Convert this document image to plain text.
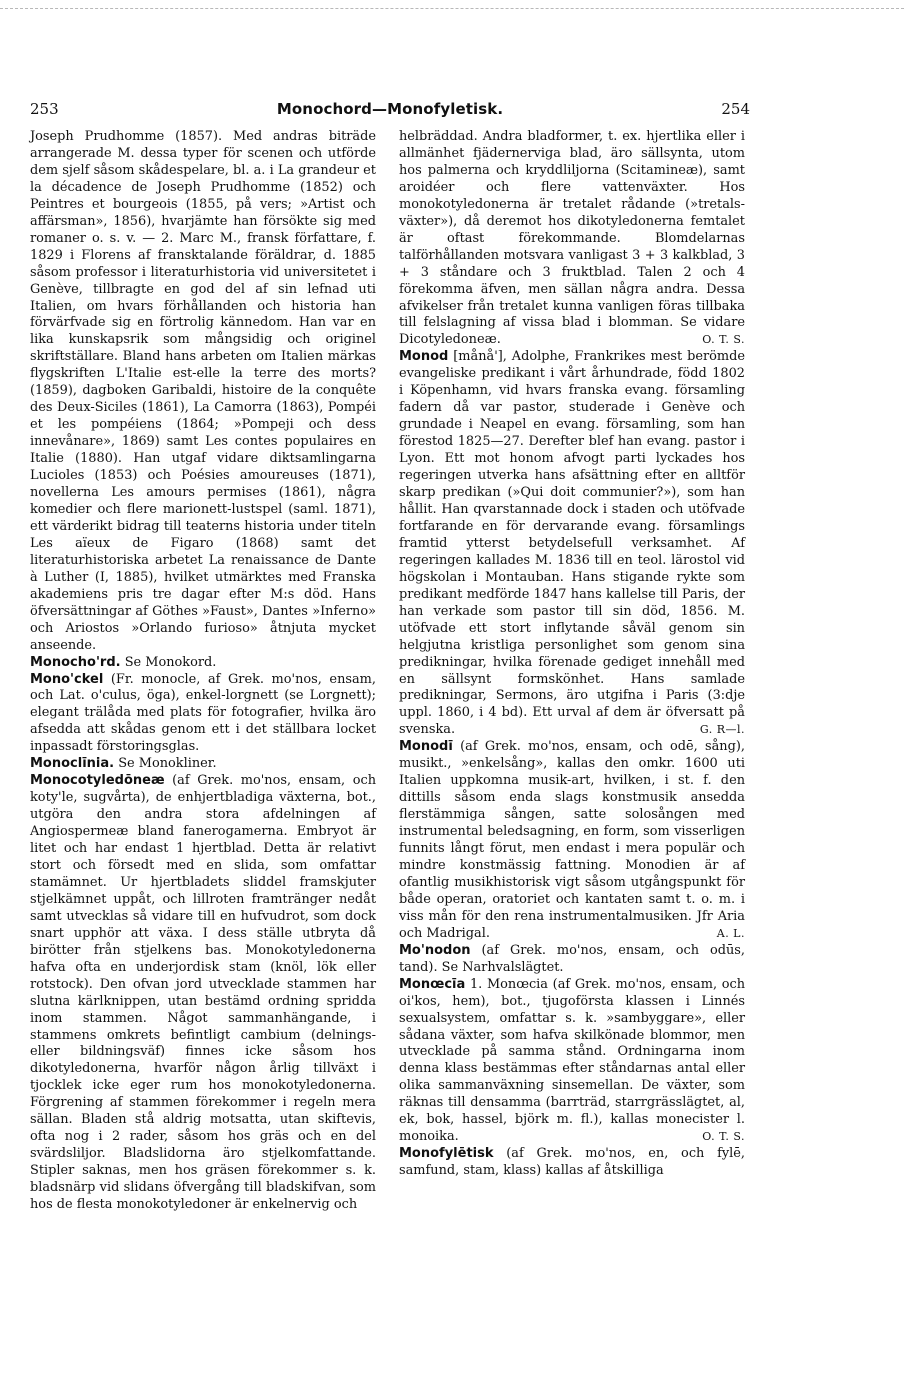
253	Monochord—Monofyletisk.	254

Joseph Prudhomme (1857). Med andras biträde arrangerade M. dessa typer för scenen och utförde dem sjelf såsom skådespelare, bl. a. i La grandeur et la décadence de Joseph Prudhomme (1852) och Peintres et bourgeois (1855, på vers; »Artist och affärsman», 1856), hvarjämte han försökte sig med romaner o. s. v. — 2. Marc M., fransk författare, f. 1829 i Florens af fransktalande föräldrar, d. 1885 såsom professor i literaturhistoria vid universitetet i Genève, tillbragte en god del af sin lefnad uti Italien, om hvars förhållanden och historia han förvärfvade sig en förtrolig kännedom. Han var en lika kunskapsrik som mångsidig och originel skriftställare. Bland hans arbeten om Italien märkas flygskriften L'Italie est-elle la terre des morts? (1859), dagboken Garibaldi, histoire de la conquête des Deux-Siciles (1861), La Camorra (1863), Pompéi et les pompéiens (1864; »Pompeji och dess innevånare», 1869) samt Les contes populaires en Italie (1880). Han utgaf vidare diktsamlingarna Lucioles (1853) och Poésies amoureuses (1871), novellerna Les amours permises (1861), några komedier och flere marionett-lustspel (saml. 1871), ett värderikt bidrag till teaterns historia under titeln Les aïeux de Figaro (1868) samt det literaturhistoriska arbetet La renaissance de Dante à Luther (I, 1885), hvilket utmärktes med Franska akademiens pris tre dagar efter M:s död. Hans öfversättningar af Göthes »Faust», Dantes »Inferno» och Ariostos »Orlando furioso» åtnjuta mycket anseende.

Monocho'rd. Se Monokord.

Mono'ckel (Fr. monocle, af Grek. mo'nos, ensam, och Lat. o'culus, öga), enkel-lorgnett (se Lorgnett); elegant trälåda med plats för fotografier, hvilka äro afsedda att skådas genom ett i det ställbara locket inpassadt förstoringsglas.

Monoclīnia. Se Monokliner.

Monocotyledōneæ (af Grek. mo'nos, ensam, och koty'le, sugvårta), de enhjertbladiga växterna, bot., utgöra den andra stora afdelningen af Angiospermeæ bland fanerogamerna. Embryot är litet och har endast 1 hjertblad. Detta är relativt stort och försedt med en slida, som omfattar stamämnet. Ur hjertbladets sliddel framskjuter stjelkämnet uppåt, och lillroten framtränger nedåt samt utvecklas så vidare till en hufvudrot, som dock snart upphör att växa. I dess ställe utbryta då birötter från stjelkens bas. Monokotyledonerna hafva ofta en underjordisk stam (knöl, lök eller rotstock). Den ofvan jord utvecklade stammen har slutna kärlknippen, utan bestämd ordning spridda inom stammen. Något sammanhängande, i stammens omkrets befintligt cambium (delnings- eller bildningsväf) finnes icke såsom hos dikotyledonerna, hvarför någon årlig tillväxt i tjocklek icke eger rum hos monokotyledonerna. Förgrening af stammen förekommer i regeln mera sällan. Bladen stå aldrig motsatta, utan skiftevis, ofta nog i 2 rader, såsom hos gräs och en del svärdsliljor. Bladslidorna äro stjelkomfattande. Stipler saknas, men hos gräsen förekommer s. k. bladsnärp vid slidans öfvergång till bladskifvan, som hos de flesta monokotyledoner är enkelnervig och

helbräddad. Andra bladformer, t. ex. hjertlika eller i allmänhet fjädernerviga blad, äro sällsynta, utom hos palmerna och kryddliljorna (Scitamineæ), samt aroidéer och flere vattenväxter. Hos monokotyledonerna är tretalet rådande (»tretals-växter»), då deremot hos dikotyledonerna femtalet är oftast förekommande. Blomdelarnas talförhållanden motsvara vanligast 3 + 3 kalkblad, 3 + 3 ståndare och 3 fruktblad. Talen 2 och 4 förekomma äfven, men sällan några andra. Dessa afvikelser från tretalet kunna vanligen föras tillbaka till felslagning af vissa blad i blomman. Se vidare Dicotyledoneæ.	O. T. S.

Monod [månå'], Adolphe, Frankrikes mest berömde evangeliske predikant i vårt århundrade, född 1802 i Köpenhamn, vid hvars franska evang. församling fadern då var pastor, studerade i Genève och grundade i Neapel en evang. församling, som han förestod 1825—27. Derefter blef han evang. pastor i Lyon. Ett mot honom afvogt parti lyckades hos regeringen utverka hans afsättning efter en alltför skarp predikan (»Qui doit communier?»), som han hållit. Han qvarstannade dock i staden och utöfvade fortfarande en för dervarande evang. församlings framtid ytterst betydelsefull verksamhet. Af regeringen kallades M. 1836 till en teol. lärostol vid högskolan i Montauban. Hans stigande rykte som predikant medförde 1847 hans kallelse till Paris, der han verkade som pastor till sin död, 1856. M. utöfvade ett stort inflytande såväl genom sin helgjutna kristliga personlighet som genom sina predikningar, hvilka förenade gediget innehåll med en sällsynt formskönhet. Hans samlade predikningar, Sermons, äro utgifna i Paris (3:dje uppl. 1860, i 4 bd). Ett urval af dem är öfversatt på svenska.	G. R—l.

Monodī (af Grek. mo'nos, ensam, och odē, sång), musikt., »enkelsång», kallas den omkr. 1600 uti Italien uppkomna musik-art, hvilken, i st. f. den dittills såsom enda slags konstmusik ansedda flerstämmiga sången, satte solosången med instrumental beledsagning, en form, som visserligen funnits långt förut, men endast i mera populär och mindre konstmässig fattning. Monodien är af ofantlig musikhistorisk vigt såsom utgångspunkt för både operan, oratoriet och kantaten samt t. o. m. i viss mån för den rena instrumentalmusiken. Jfr Aria och Madrigal.	A. L.

Mo'nodon (af Grek. mo'nos, ensam, och odūs, tand). Se Narhvalslägtet.

Monœcīa 1. Monœcia (af Grek. mo'nos, ensam, och oi'kos, hem), bot., tjugoförsta klassen i Linnés sexualsystem, omfattar s. k. »sambyggare», eller sådana växter, som hafva skilkönade blommor, men utvecklade på samma stånd. Ordningarna inom denna klass bestämmas efter ståndarnas antal eller olika sammanväxning sinsemellan. De växter, som räknas till densamma (barrträd, starrgrässlägtet, al, ek, bok, hassel, björk m. fl.), kallas monecister l. monoika.	O. T. S.

Monofylētisk (af Grek. mo'nos, en, och fylē, samfund, stam, klass) kallas af åtskilliga
